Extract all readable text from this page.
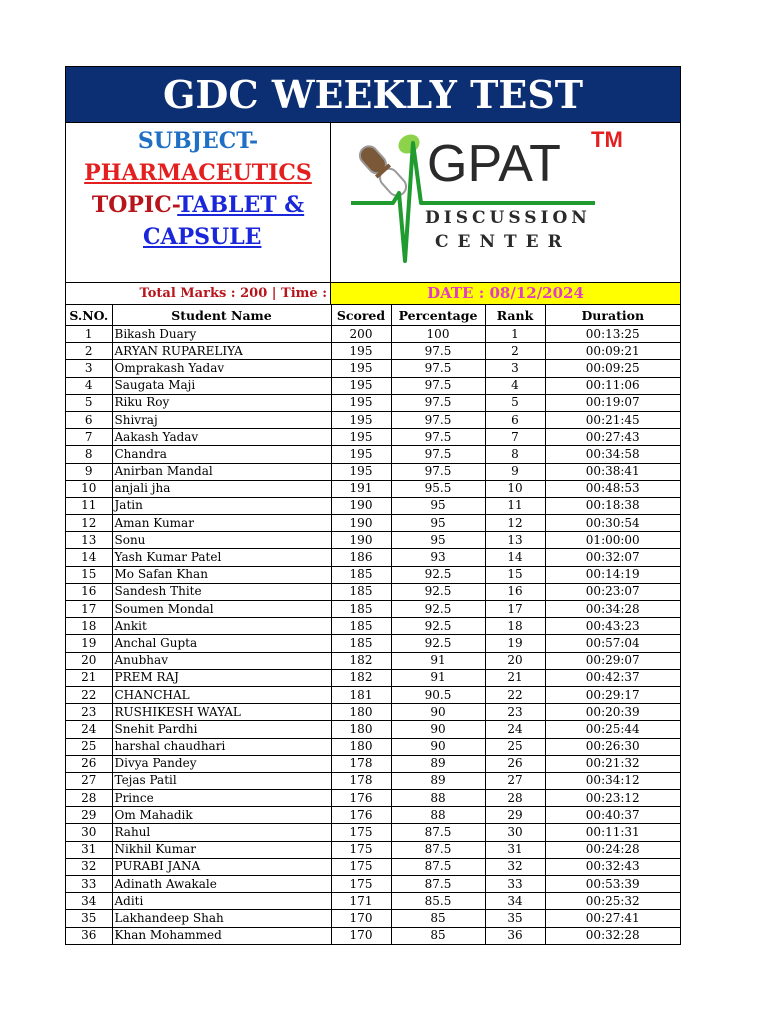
GDC WEEKLY TEST
SUBJECT-
PHARMACEUTICS
TOPIC-TABLET &
CAPSULE
GPAT TM
DISCUSSION
CENTER
Total Marks : 200 | Time :	DATE : 08/12/2024
S.NO.	Student Name	Scored	Percentage	Rank	Duration
1	Bikash Duary	200	100	1	00:13:25
2	ARYAN RUPARELIYA	195	97.5	2	00:09:21
3	Omprakash Yadav	195	97.5	3	00:09:25
4	Saugata Maji	195	97.5	4	00:11:06
5	Riku Roy	195	97.5	5	00:19:07
6	Shivraj	195	97.5	6	00:21:45
7	Aakash Yadav	195	97.5	7	00:27:43
8	Chandra	195	97.5	8	00:34:58
9	Anirban Mandal	195	97.5	9	00:38:41
10	anjali jha	191	95.5	10	00:48:53
11	Jatin	190	95	11	00:18:38
12	Aman Kumar	190	95	12	00:30:54
13	Sonu	190	95	13	01:00:00
14	Yash Kumar Patel	186	93	14	00:32:07
15	Mo Safan Khan	185	92.5	15	00:14:19
16	Sandesh Thite	185	92.5	16	00:23:07
17	Soumen Mondal	185	92.5	17	00:34:28
18	Ankit	185	92.5	18	00:43:23
19	Anchal Gupta	185	92.5	19	00:57:04
20	Anubhav	182	91	20	00:29:07
21	PREM RAJ	182	91	21	00:42:37
22	CHANCHAL	181	90.5	22	00:29:17
23	RUSHIKESH WAYAL	180	90	23	00:20:39
24	Snehit Pardhi	180	90	24	00:25:44
25	harshal chaudhari	180	90	25	00:26:30
26	Divya Pandey	178	89	26	00:21:32
27	Tejas Patil	178	89	27	00:34:12
28	Prince	176	88	28	00:23:12
29	Om Mahadik	176	88	29	00:40:37
30	Rahul	175	87.5	30	00:11:31
31	Nikhil Kumar	175	87.5	31	00:24:28
32	PURABI JANA	175	87.5	32	00:32:43
33	Adinath Awakale	175	87.5	33	00:53:39
34	Aditi	171	85.5	34	00:25:32
35	Lakhandeep Shah	170	85	35	00:27:41
36	Khan Mohammed	170	85	36	00:32:28
